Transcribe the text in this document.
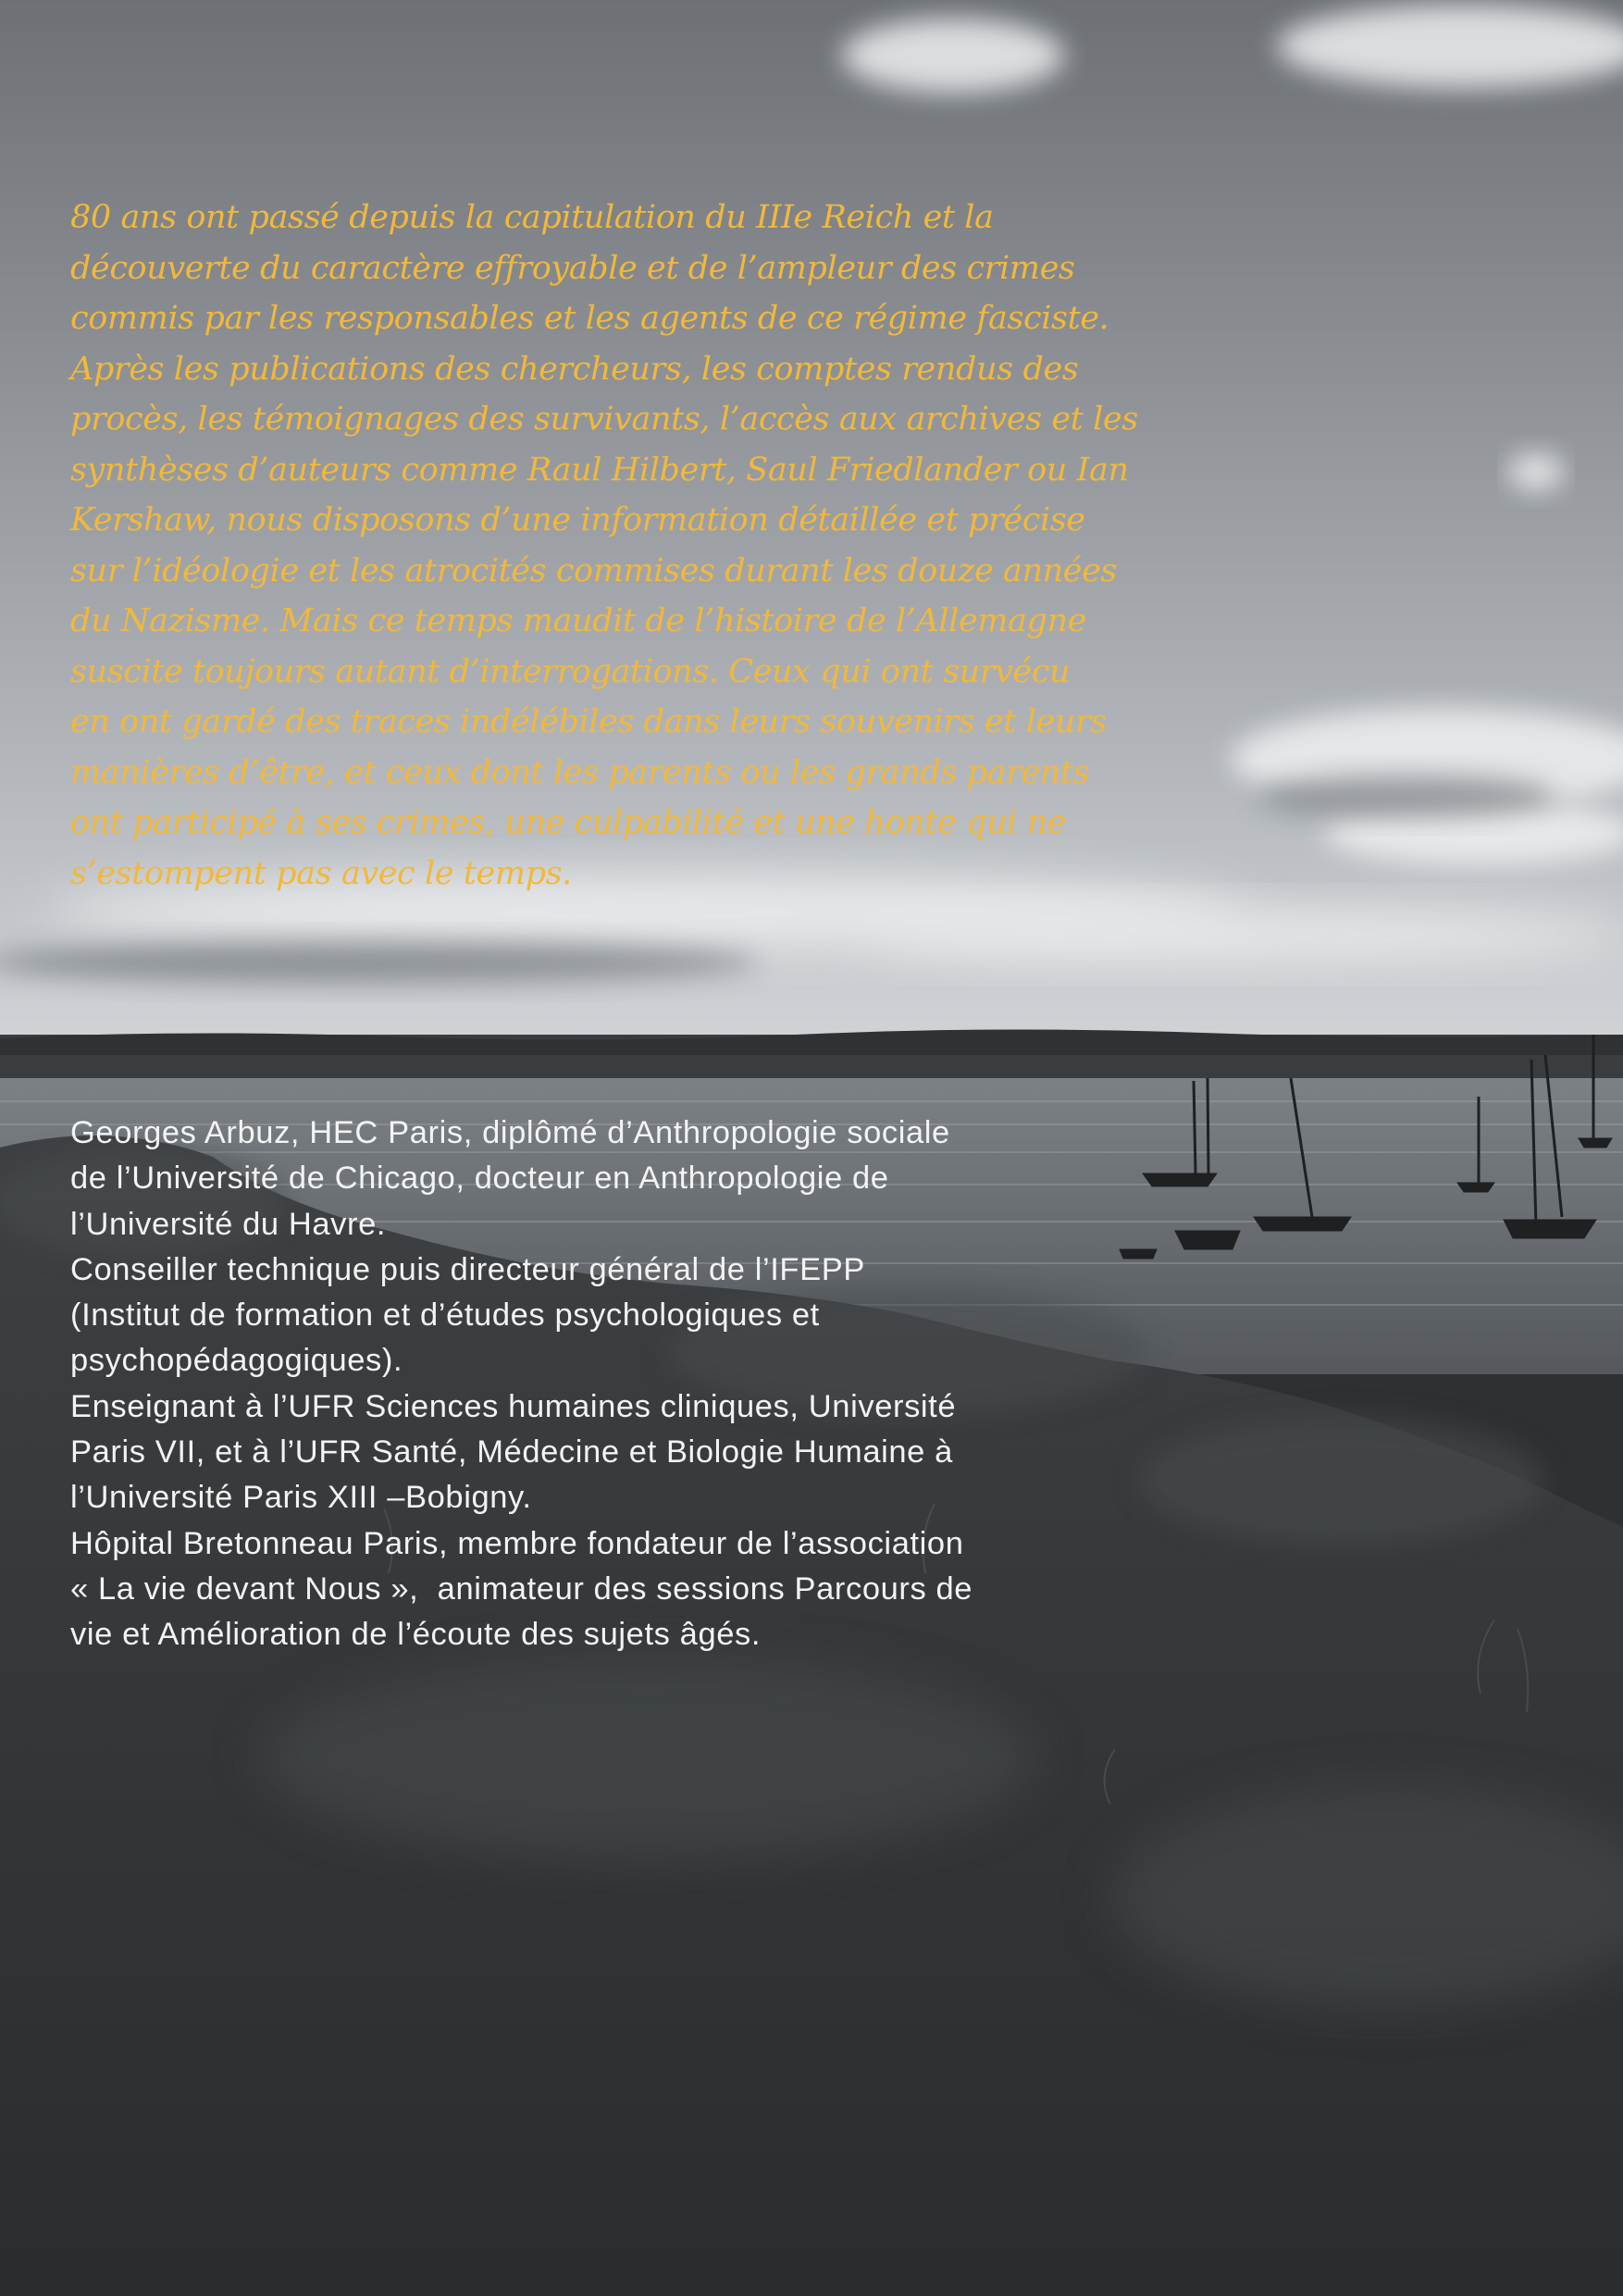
80 ans ont passé depuis la capitulation du IIIe Reich et la
découverte du caractère effroyable et de l’ampleur des crimes
commis par les responsables et les agents de ce régime fasciste.
Après les publications des chercheurs, les comptes rendus des
procès, les témoignages des survivants, l’accès aux archives et les
synthèses d’auteurs comme Raul Hilbert, Saul Friedlander ou Ian
Kershaw, nous disposons d’une information détaillée et précise
sur l’idéologie et les atrocités commises durant les douze années
du Nazisme. Mais ce temps maudit de l’histoire de l’Allemagne
suscite toujours autant d’interrogations. Ceux qui ont survécu
en ont gardé des traces indélébiles dans leurs souvenirs et leurs
manières d’être, et ceux dont les parents ou les grands parents
ont participé à ses crimes, une culpabilité et une honte qui ne
s’estompent pas avec le temps.
Georges Arbuz, HEC Paris, diplômé d’Anthropologie sociale
de l’Université de Chicago, docteur en Anthropologie de
l’Université du Havre.
Conseiller technique puis directeur général de l’IFEPP
(Institut de formation et d’études psychologiques et
psychopédagogiques).
Enseignant à l’UFR Sciences humaines cliniques, Université
Paris VII, et à l’UFR Santé, Médecine et Biologie Humaine à
l’Université Paris XIII –Bobigny.
Hôpital Bretonneau Paris, membre fondateur de l’association
« La vie devant Nous »,  animateur des sessions Parcours de
vie et Amélioration de l’écoute des sujets âgés.
